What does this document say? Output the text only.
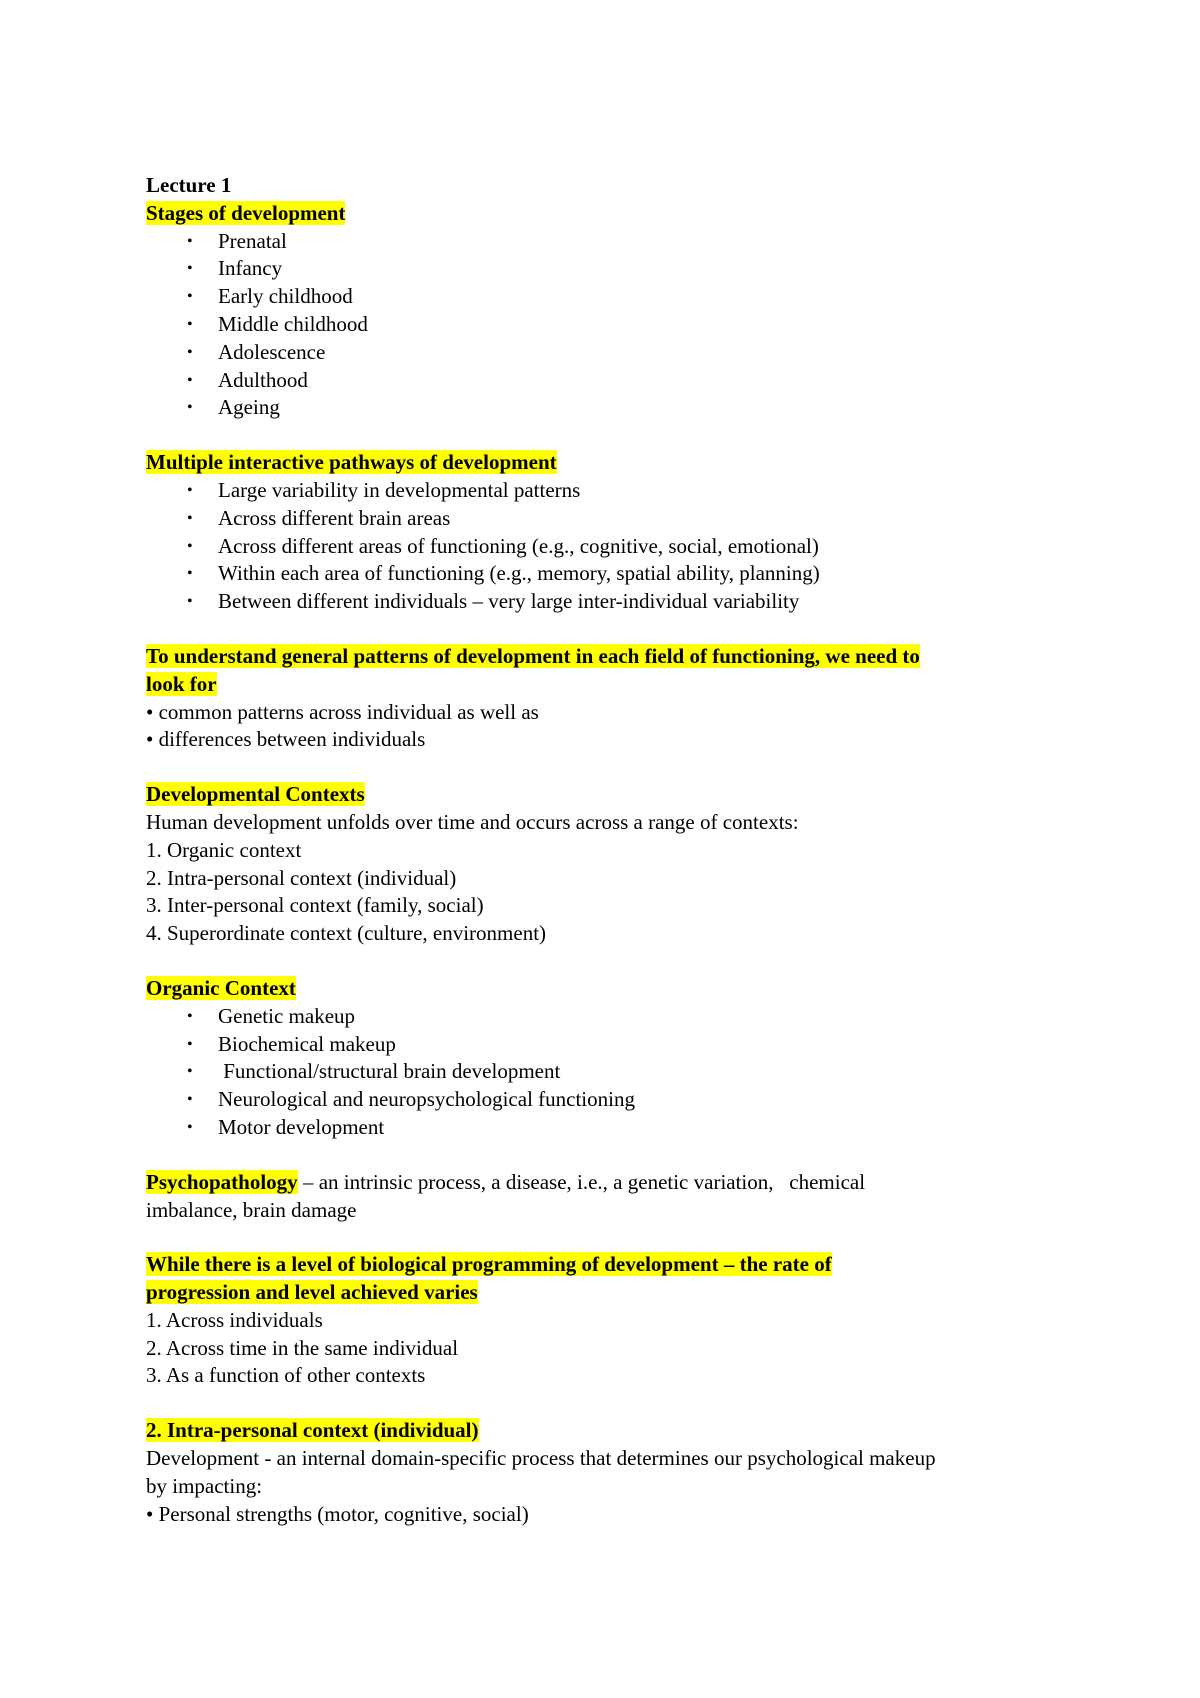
Lecture 1

Stages of development
• Prenatal
• Infancy
• Early childhood
• Middle childhood
• Adolescence
• Adulthood
• Ageing
Multiple interactive pathways of development
• Large variability in developmental patterns
• Across different brain areas
• Across different areas of functioning (e.g., cognitive, social, emotional)
• Within each area of functioning (e.g., memory, spatial ability, planning)
• Between different individuals – very large inter-individual variability
To understand general patterns of development in each field of functioning, we need to
look for

• common patterns across individual as well as

• differences between individuals

Developmental Contexts

Human development unfolds over time and occurs across a range of contexts:

1. Organic context

2. Intra-personal context (individual)

3. Inter-personal context (family, social)

4. Superordinate context (culture, environment)

Organic Context
• Genetic makeup
• Biochemical makeup
• Functional/structural brain development
• Neurological and neuropsychological functioning
• Motor development

Psychopathology – an intrinsic process, a disease, i.e., a genetic variation,   chemical

imbalance, brain damage

While there is a level of biological programming of development – the rate of
progression and level achieved varies

1. Across individuals

2. Across time in the same individual

3. As a function of other contexts

2. Intra-personal context (individual)

Development - an internal domain-specific process that determines our psychological makeup

by impacting:

• Personal strengths (motor, cognitive, social)
